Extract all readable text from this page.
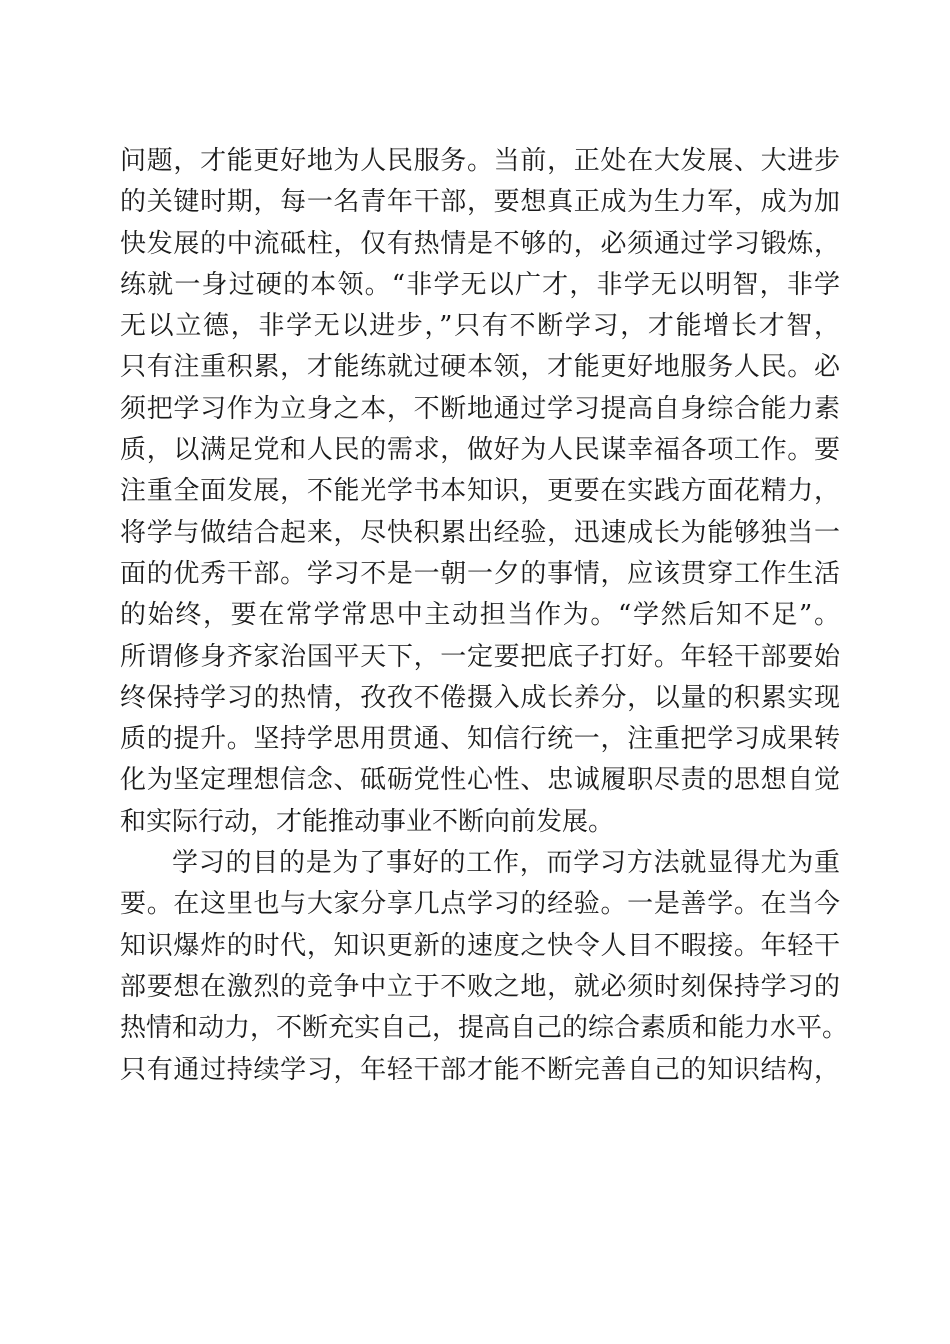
问题，才能更好地为人民服务。当前，正处在大发展、大进步
的关键时期，每一名青年干部，要想真正成为生力军，成为加
快发展的中流砥柱，仅有热情是不够的，必须通过学习锻炼，
练就一身过硬的本领。“非学无以广才，非学无以明智，非学
无以立德，非学无以进步，”只有不断学习，才能增长才智，
只有注重积累，才能练就过硬本领，才能更好地服务人民。必
须把学习作为立身之本，不断地通过学习提高自身综合能力素
质，以满足党和人民的需求，做好为人民谋幸福各项工作。要
注重全面发展，不能光学书本知识，更要在实践方面花精力，
将学与做结合起来，尽快积累出经验，迅速成长为能够独当一
面的优秀干部。学习不是一朝一夕的事情，应该贯穿工作生活
的始终，要在常学常思中主动担当作为。“学然后知不足”。
所谓修身齐家治国平天下，一定要把底子打好。年轻干部要始
终保持学习的热情，孜孜不倦摄入成长养分，以量的积累实现
质的提升。坚持学思用贯通、知信行统一，注重把学习成果转
化为坚定理想信念、砥砺党性心性、忠诚履职尽责的思想自觉
和实际行动，才能推动事业不断向前发展。
学习的目的是为了事好的工作，而学习方法就显得尤为重
要。在这里也与大家分享几点学习的经验。一是善学。在当今
知识爆炸的时代，知识更新的速度之快令人目不暇接。年轻干
部要想在激烈的竞争中立于不败之地，就必须时刻保持学习的
热情和动力，不断充实自己，提高自己的综合素质和能力水平。
只有通过持续学习，年轻干部才能不断完善自己的知识结构，
